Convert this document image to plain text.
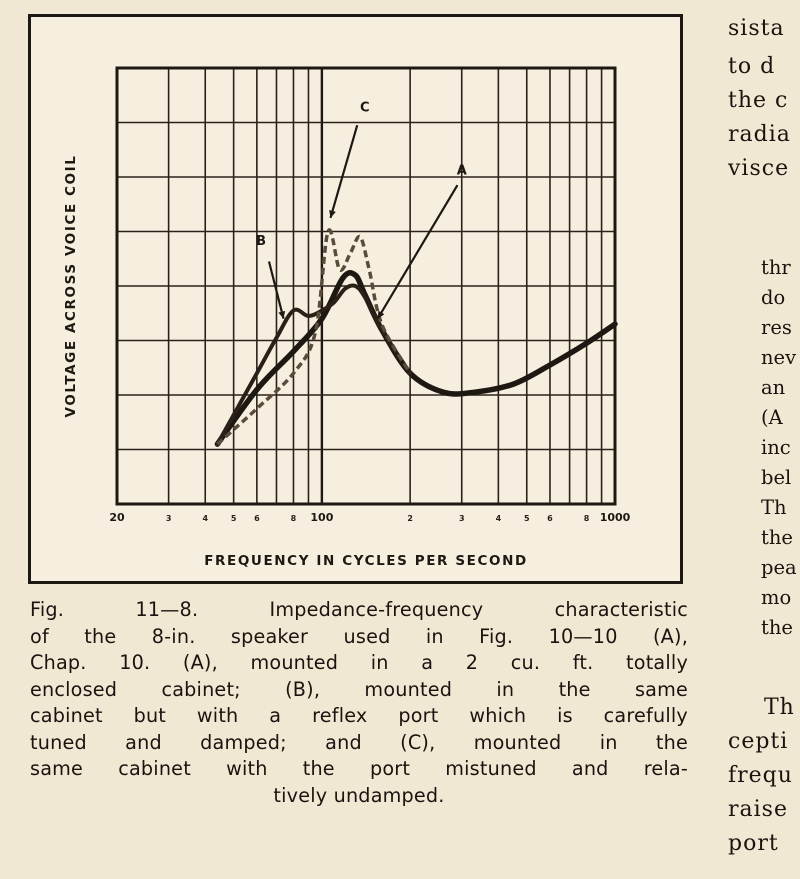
A
B
C
20	100	1000
3	4	5 6	8	2	3	4	5 6	8
FREQUENCY IN CYCLES PER SECOND
VOLTAGE ACROSS VOICE COIL
Fig. 11—8. Impedance-frequency characteristic
of the 8-in. speaker used in Fig. 10—10 (A),
Chap. 10. (A), mounted in a 2 cu. ft. totally
enclosed cabinet; (B), mounted in the same
cabinet but with a reflex port which is carefully
tuned and damped; and (C), mounted in the
same cabinet with the port mistuned and rela-
tively undamped.
sista
to d
the c
radia
visce
thr
do
res
nev
an
(A
inc
bel
Th
the
pea
mo
the
Th
cepti
frequ
raise
port
